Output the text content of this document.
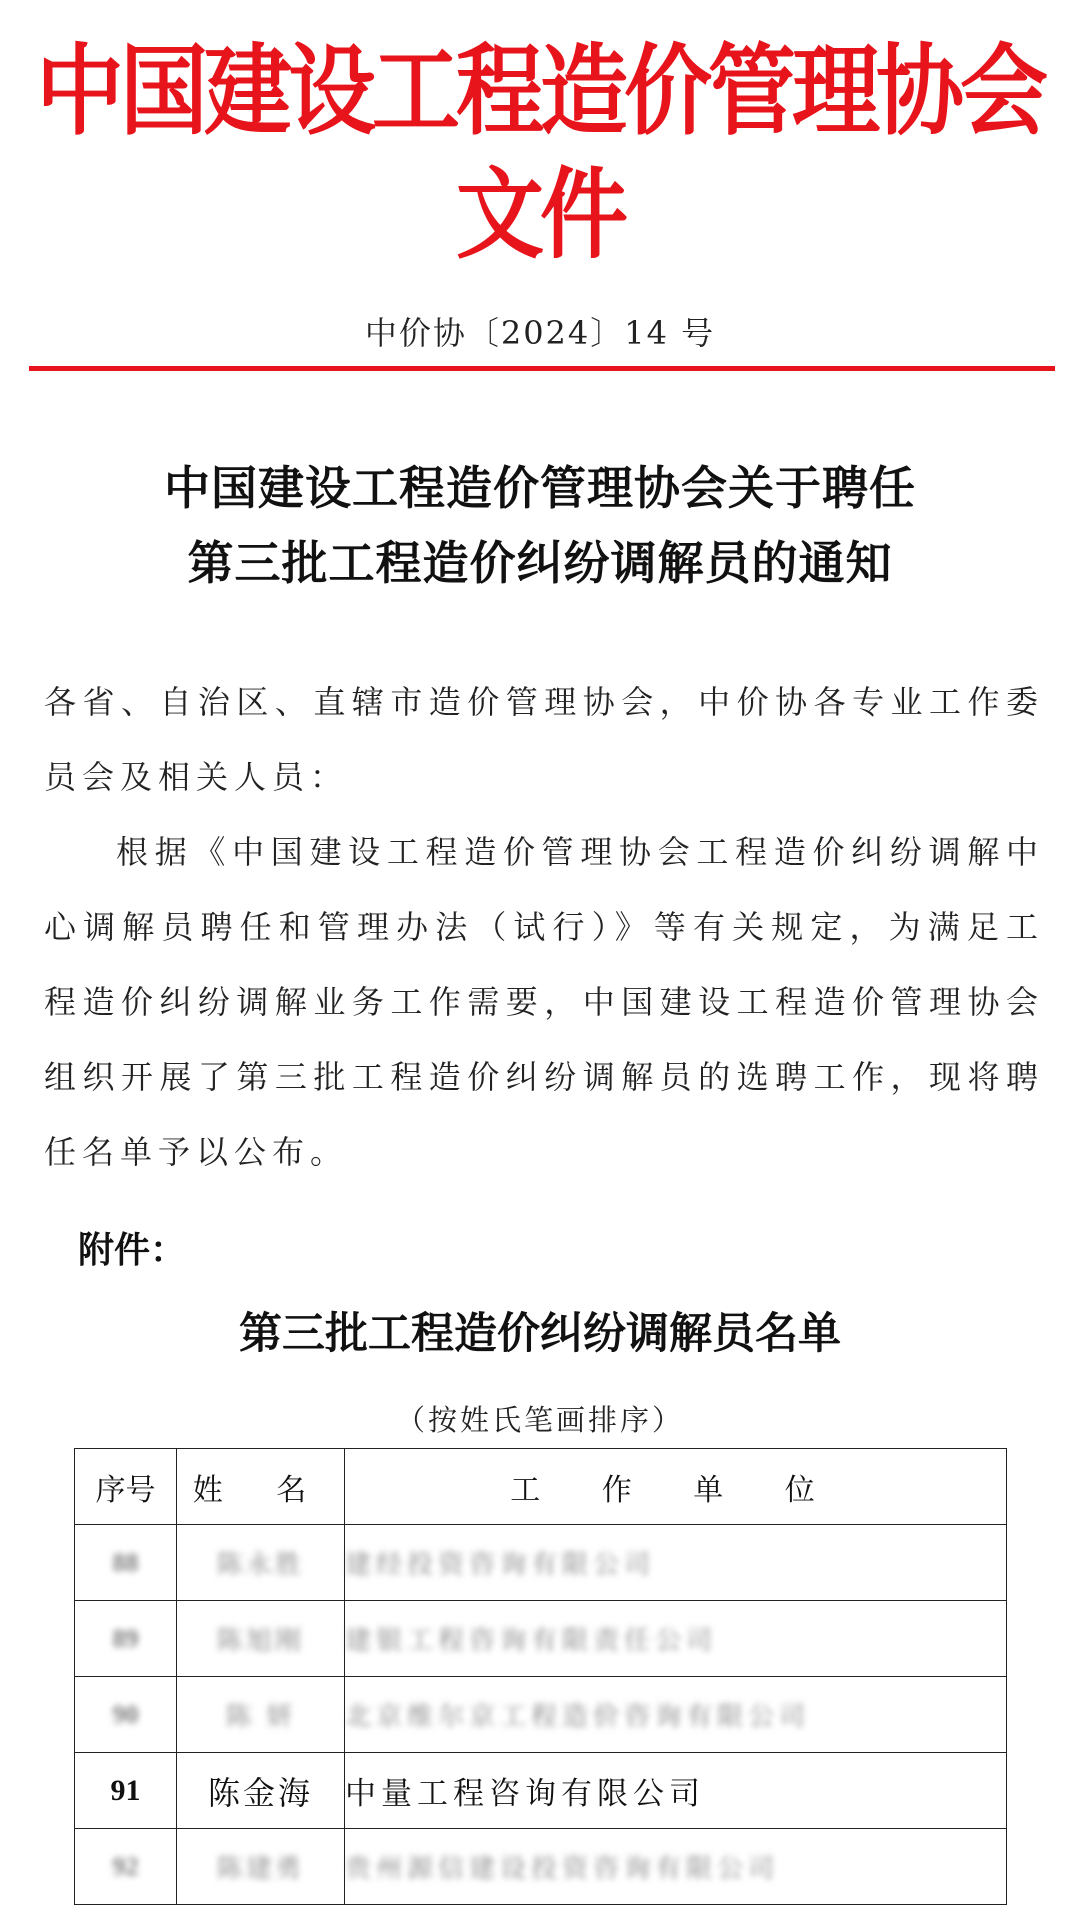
中国建设工程造价管理协会文件
中价协〔2024〕14 号
中国建设工程造价管理协会关于聘任
第三批工程造价纠纷调解员的通知
各省、自治区、直辖市造价管理协会，中价协各专业工作委员会及相关人员：
根据《中国建设工程造价管理协会工程造价纠纷调解中心调解员聘任和管理办法（试行）》等有关规定，为满足工程造价纠纷调解业务工作需要，中国建设工程造价管理协会组织开展了第三批工程造价纠纷调解员的选聘工作，现将聘任名单予以公布。
附件：
第三批工程造价纠纷调解员名单
（按姓氏笔画排序）
序号	姓 名	工 作 单 位
88	陈永胜	建经投资咨询有限公司
89	陈旭刚	建银工程咨询有限责任公司
90	陈 妍	北京维尔京工程造价咨询有限公司
91	陈金海	中量工程咨询有限公司
92	陈建勇	贵州源信建设投资咨询有限公司
